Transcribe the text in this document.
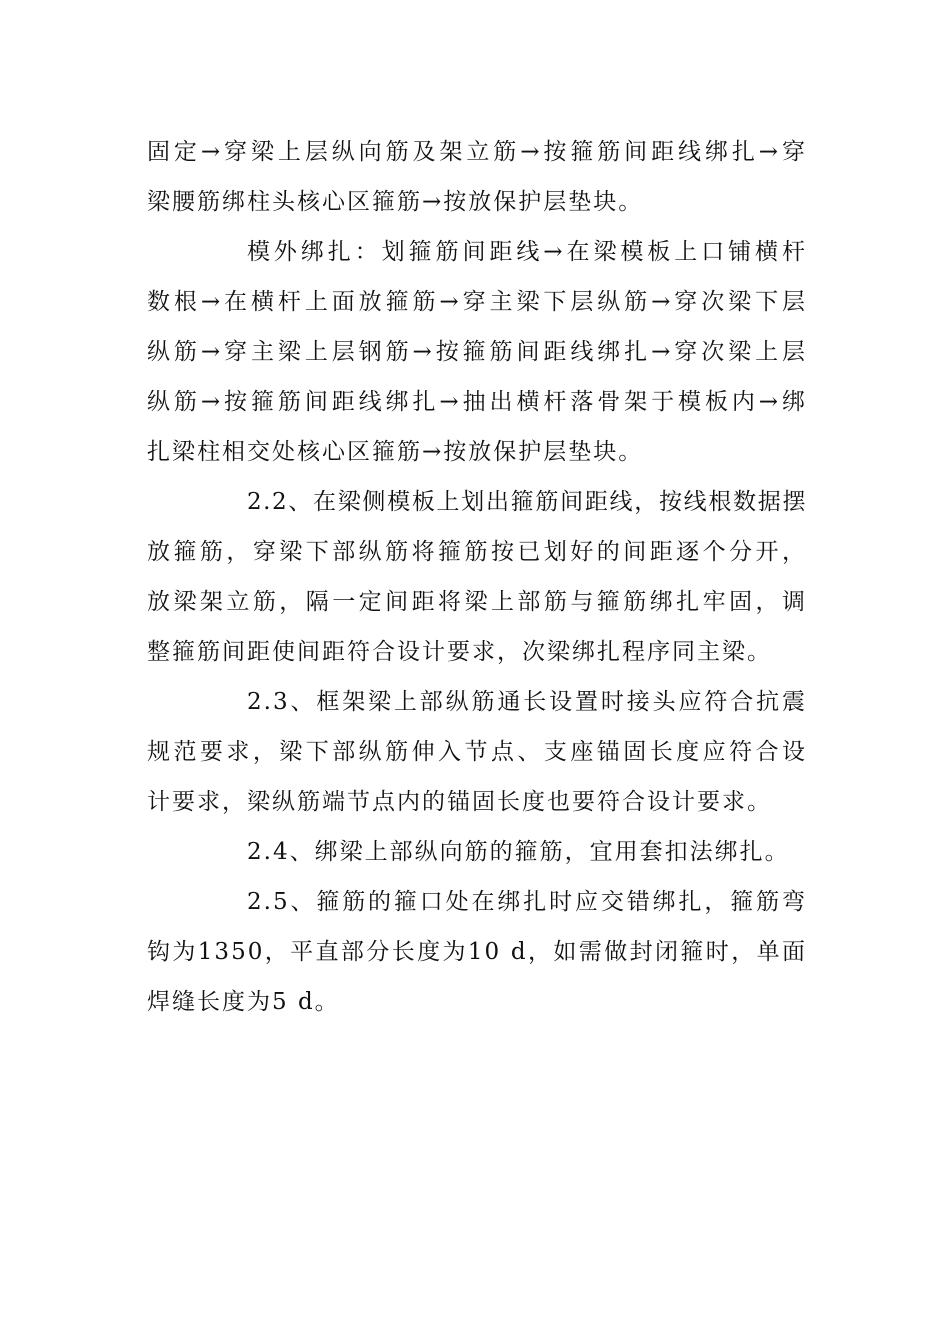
固定→穿梁上层纵向筋及架立筋→按箍筋间距线绑扎→穿
梁腰筋绑柱头核心区箍筋→按放保护层垫块。
模外绑扎：划箍筋间距线→在梁模板上口铺横杆
数根→在横杆上面放箍筋→穿主梁下层纵筋→穿次梁下层
纵筋→穿主梁上层钢筋→按箍筋间距线绑扎→穿次梁上层
纵筋→按箍筋间距线绑扎→抽出横杆落骨架于模板内→绑
扎梁柱相交处核心区箍筋→按放保护层垫块。
2.2、在梁侧模板上划出箍筋间距线，按线根数据摆
放箍筋，穿梁下部纵筋将箍筋按已划好的间距逐个分开，
放梁架立筋，隔一定间距将梁上部筋与箍筋绑扎牢固，调
整箍筋间距使间距符合设计要求，次梁绑扎程序同主梁。
2.3、框架梁上部纵筋通长设置时接头应符合抗震
规范要求，梁下部纵筋伸入节点、支座锚固长度应符合设
计要求，梁纵筋端节点内的锚固长度也要符合设计要求。
2.4、绑梁上部纵向筋的箍筋，宜用套扣法绑扎。
2.5、箍筋的箍口处在绑扎时应交错绑扎，箍筋弯
钩为1350，平直部分长度为10 d，如需做封闭箍时，单面
焊缝长度为5 d。
